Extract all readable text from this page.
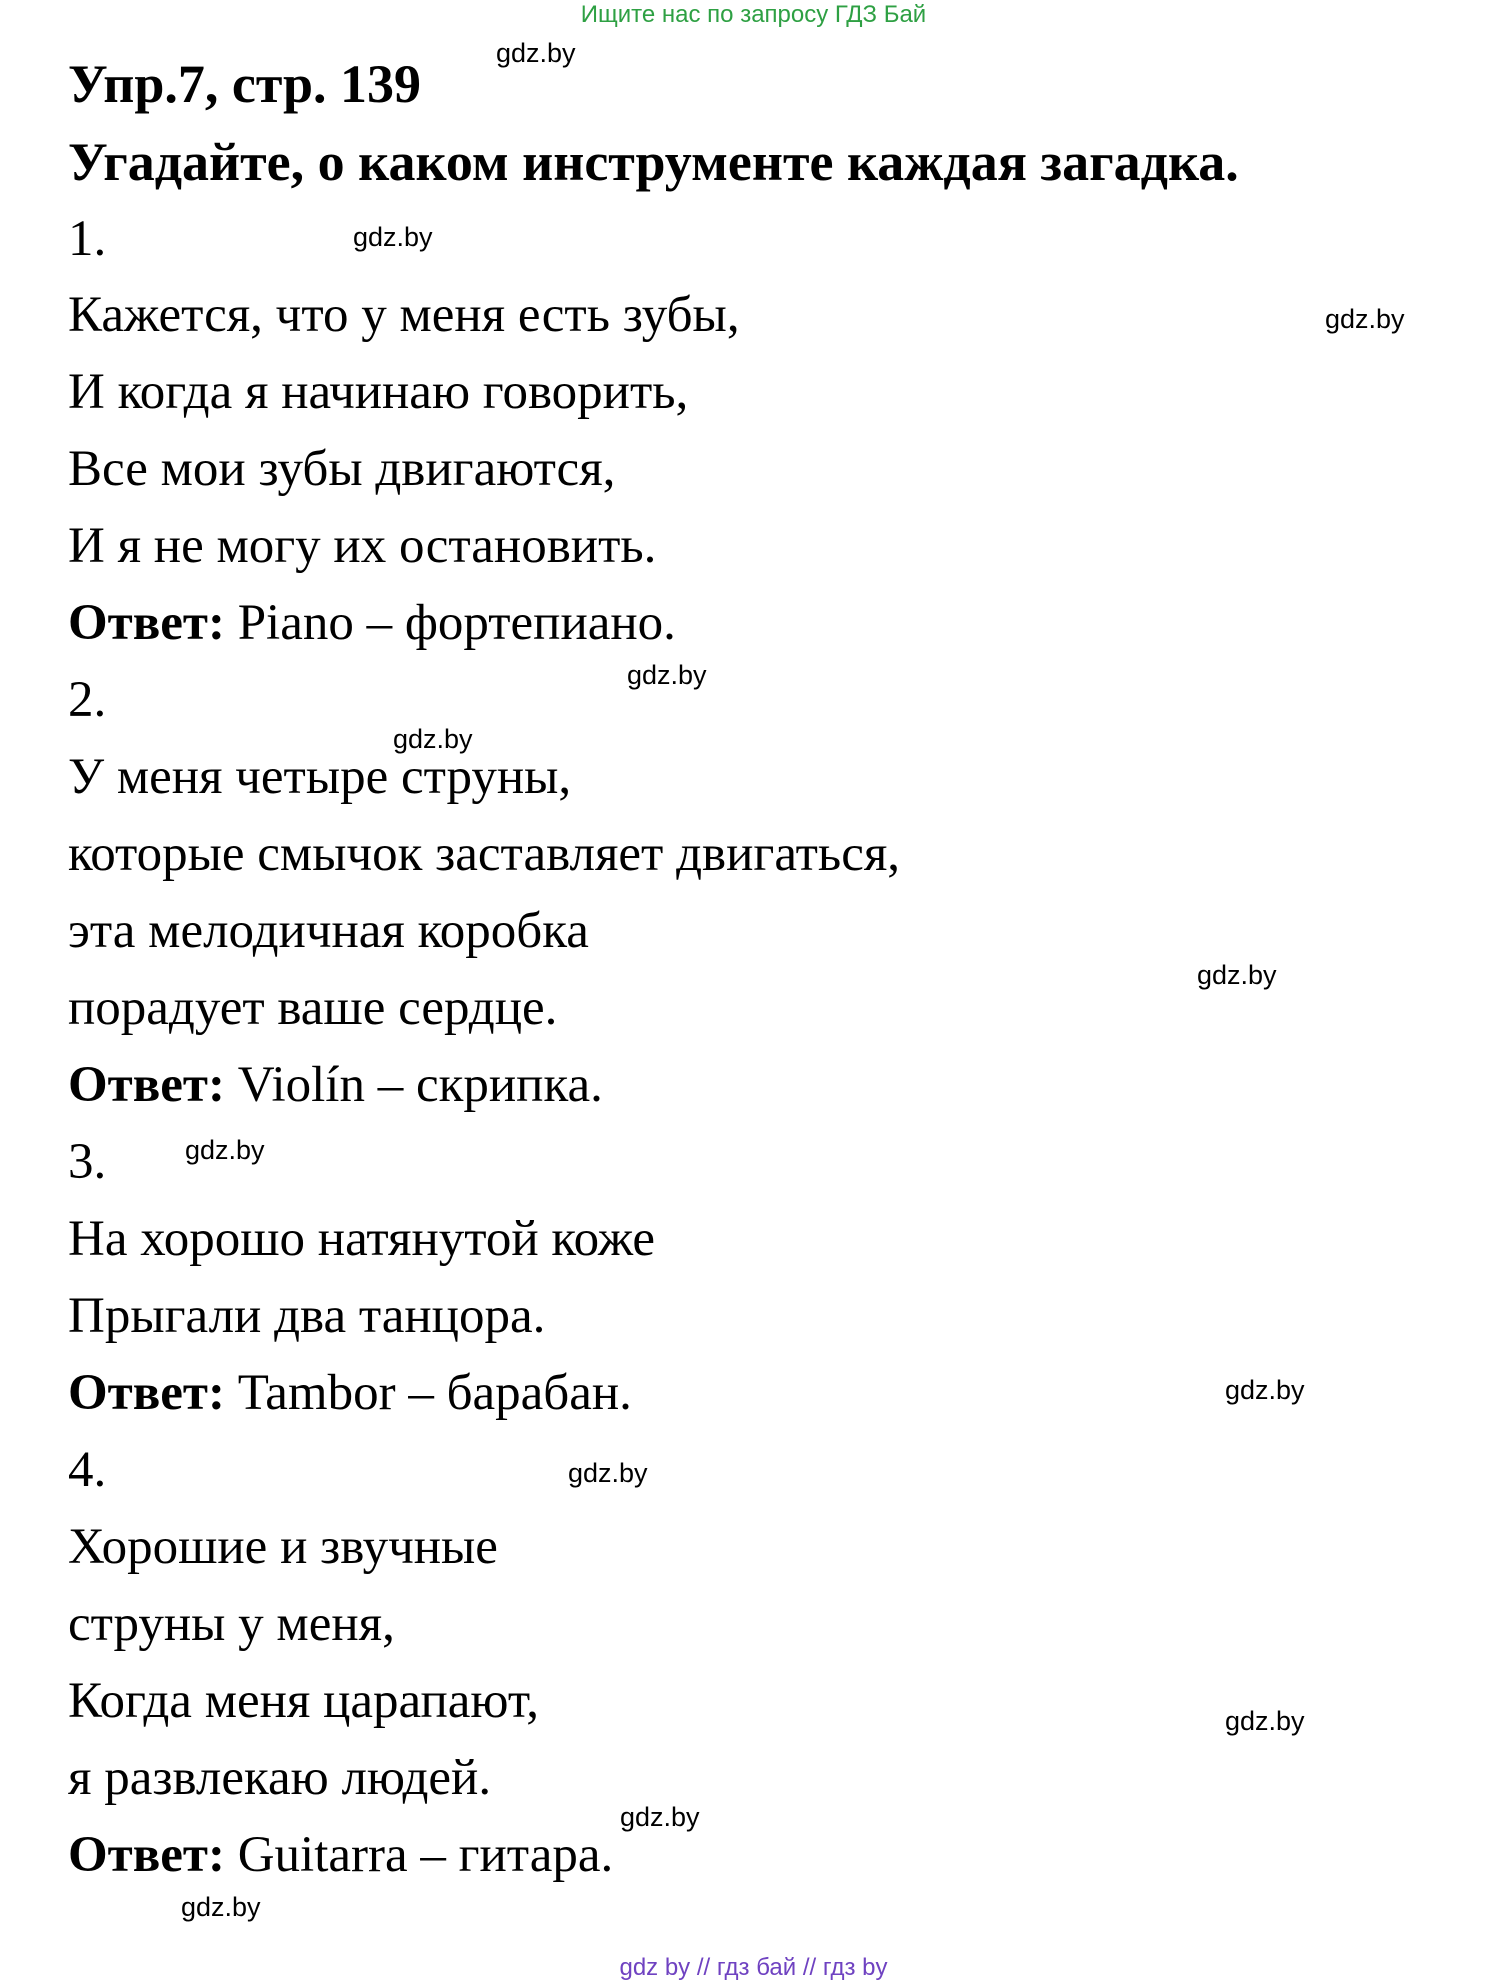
Ищите нас по запросу ГДЗ Бай
Упр.7, стр. 139
Угадайте, о каком инструменте каждая загадка.
1.
Кажется, что у меня есть зубы,
И когда я начинаю говорить,
Все мои зубы двигаются,
И я не могу их остановить.
Ответ: Piano – фортепиано.
2.
У меня четыре струны,
которые смычок заставляет двигаться,
эта мелодичная коробка
порадует ваше сердце.
Ответ: Violín – скрипка.
3.
На хорошо натянутой коже
Прыгали два танцора.
Ответ: Tambor – барабан.
4.
Хорошие и звучные
струны у меня,
Когда меня царапают,
я развлекаю людей.
Ответ: Guitarra – гитара.
gdz.by
gdz.by
gdz.by
gdz.by
gdz.by
gdz.by
gdz.by
gdz.by
gdz.by
gdz.by
gdz.by
gdz.by
gdz by // гдз бай // гдз by
